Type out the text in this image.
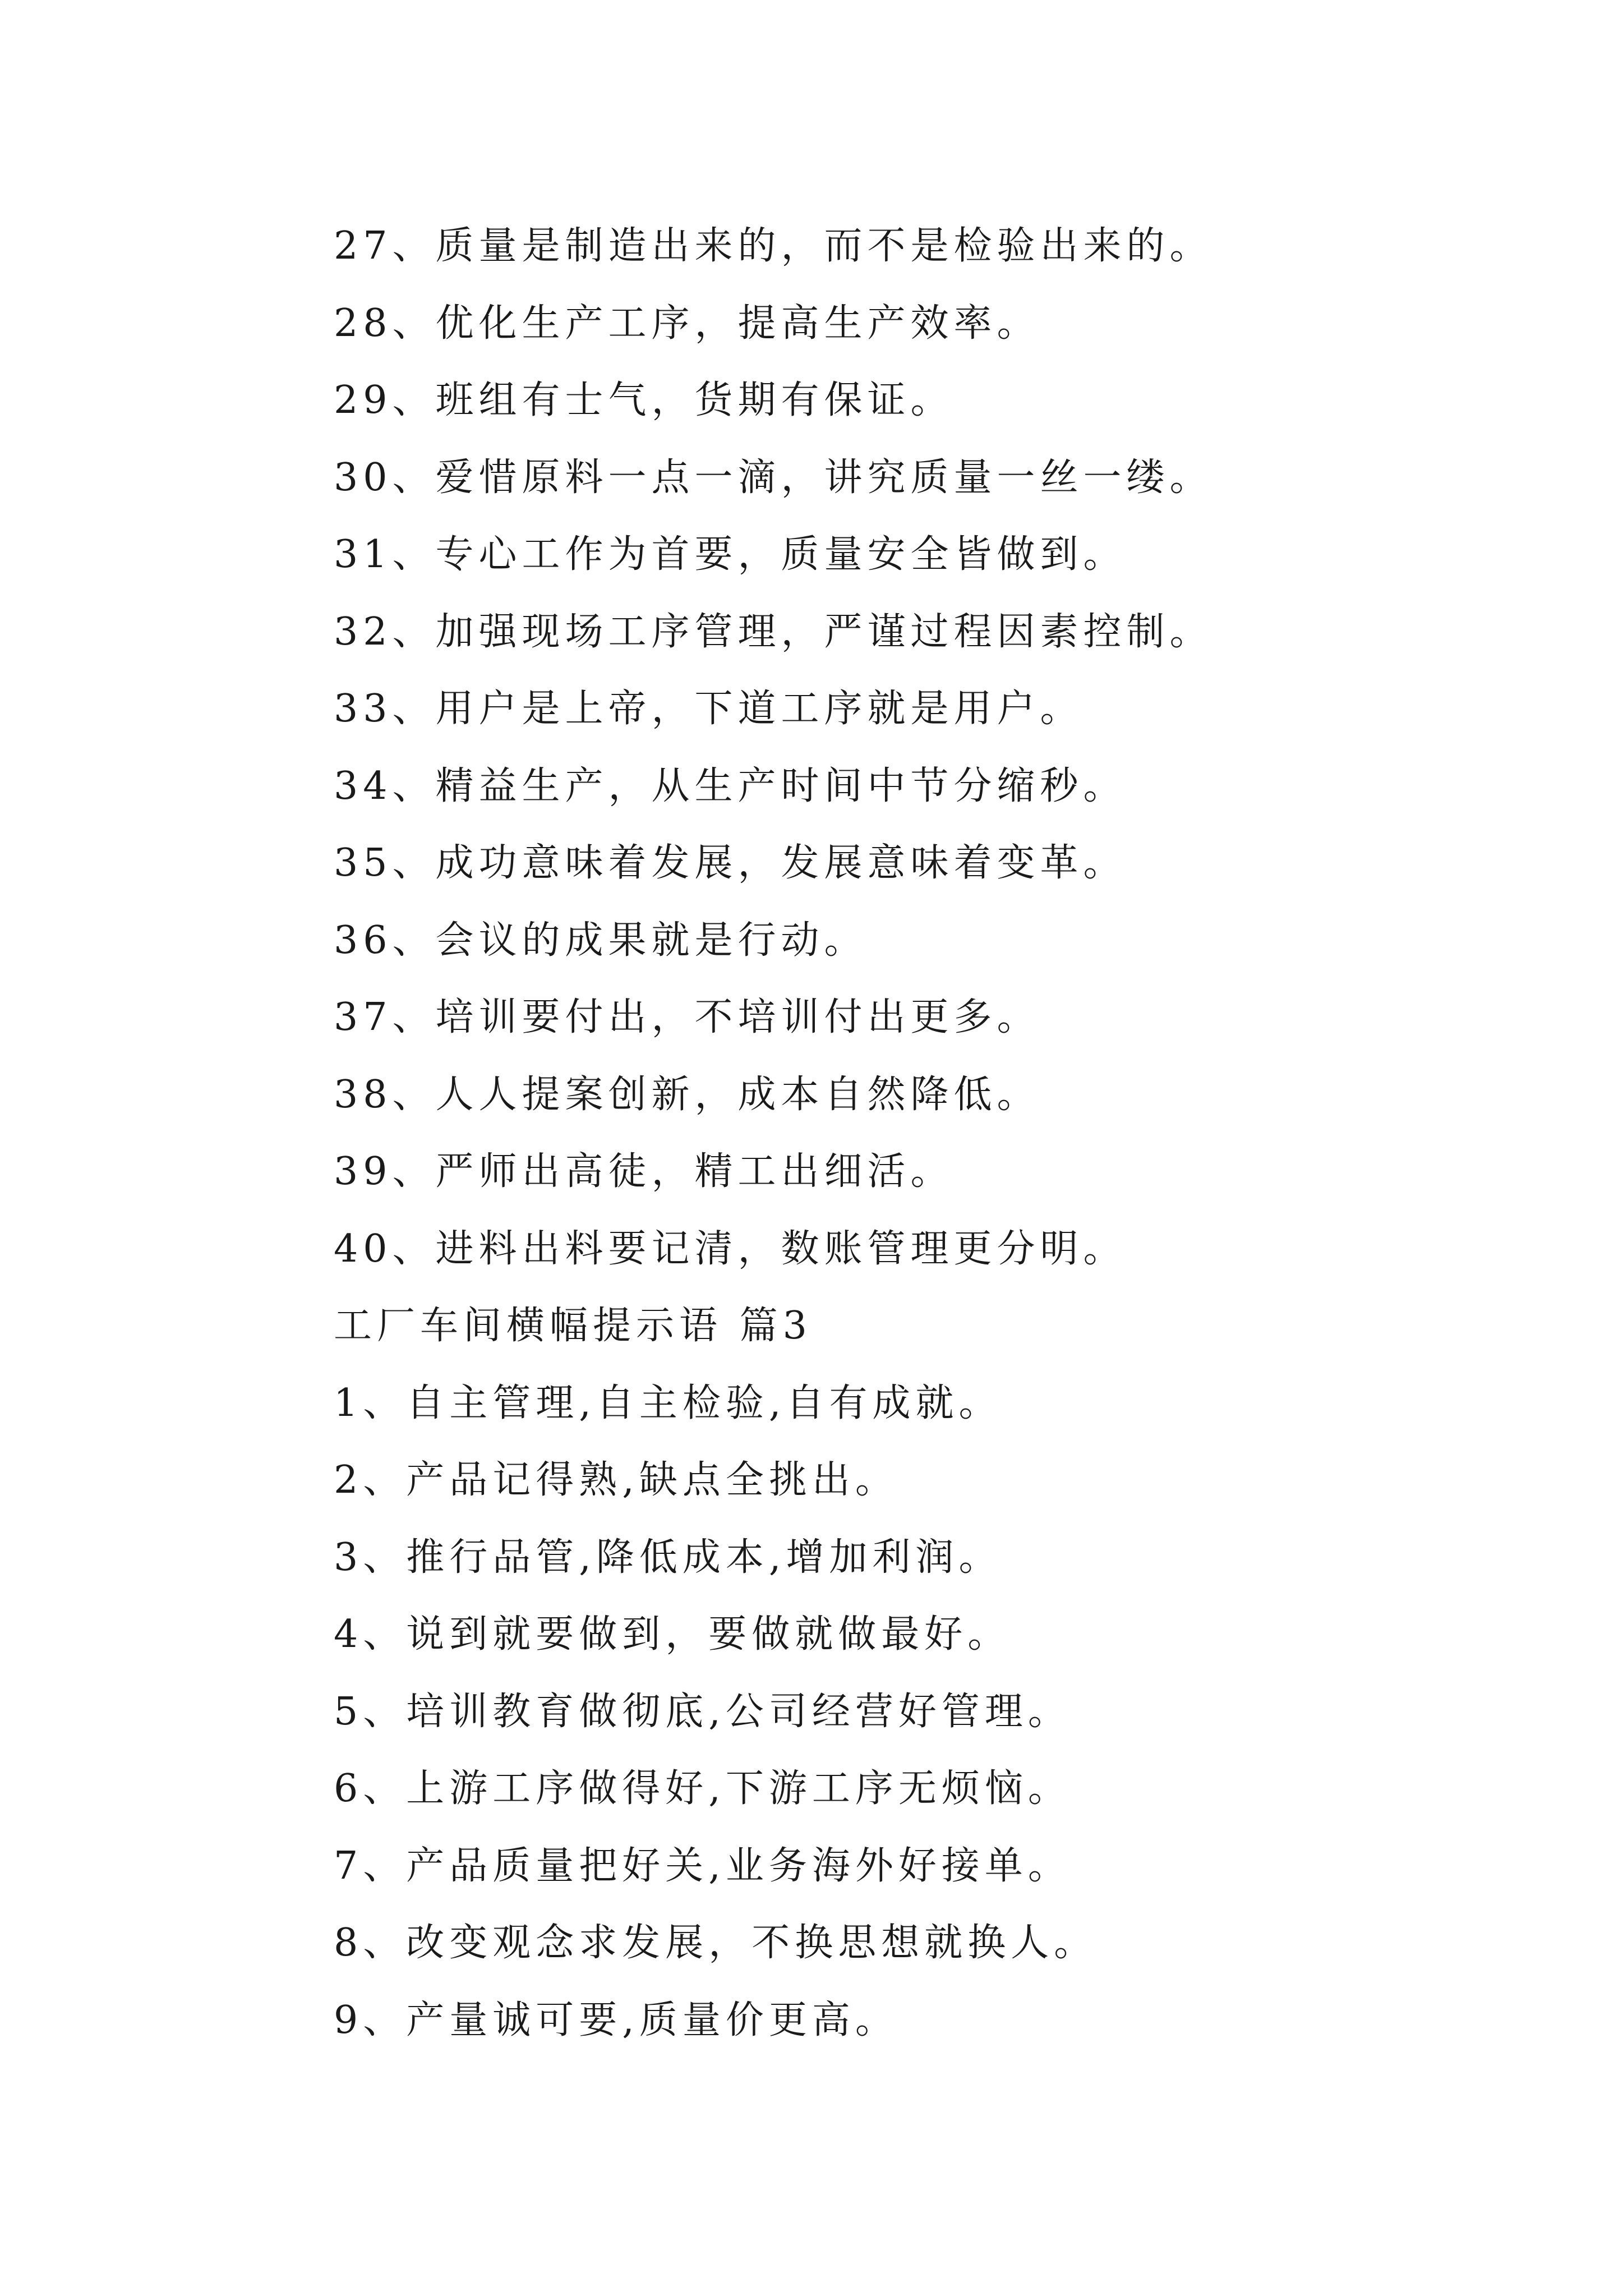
27、质量是制造出来的，而不是检验出来的。
28、优化生产工序，提高生产效率。
29、班组有士气，货期有保证。
30、爱惜原料一点一滴，讲究质量一丝一缕。
31、专心工作为首要，质量安全皆做到。
32、加强现场工序管理，严谨过程因素控制。
33、用户是上帝，下道工序就是用户。
34、精益生产，从生产时间中节分缩秒。
35、成功意味着发展，发展意味着变革。
36、会议的成果就是行动。
37、培训要付出，不培训付出更多。
38、人人提案创新，成本自然降低。
39、严师出高徒，精工出细活。
40、进料出料要记清，数账管理更分明。
工厂车间横幅提示语 篇3
1、自主管理,自主检验,自有成就。
2、产品记得熟,缺点全挑出。
3、推行品管,降低成本,增加利润。
4、说到就要做到，要做就做最好。
5、培训教育做彻底,公司经营好管理。
6、上游工序做得好,下游工序无烦恼。
7、产品质量把好关,业务海外好接单。
8、改变观念求发展，不换思想就换人。
9、产量诚可要,质量价更高。
